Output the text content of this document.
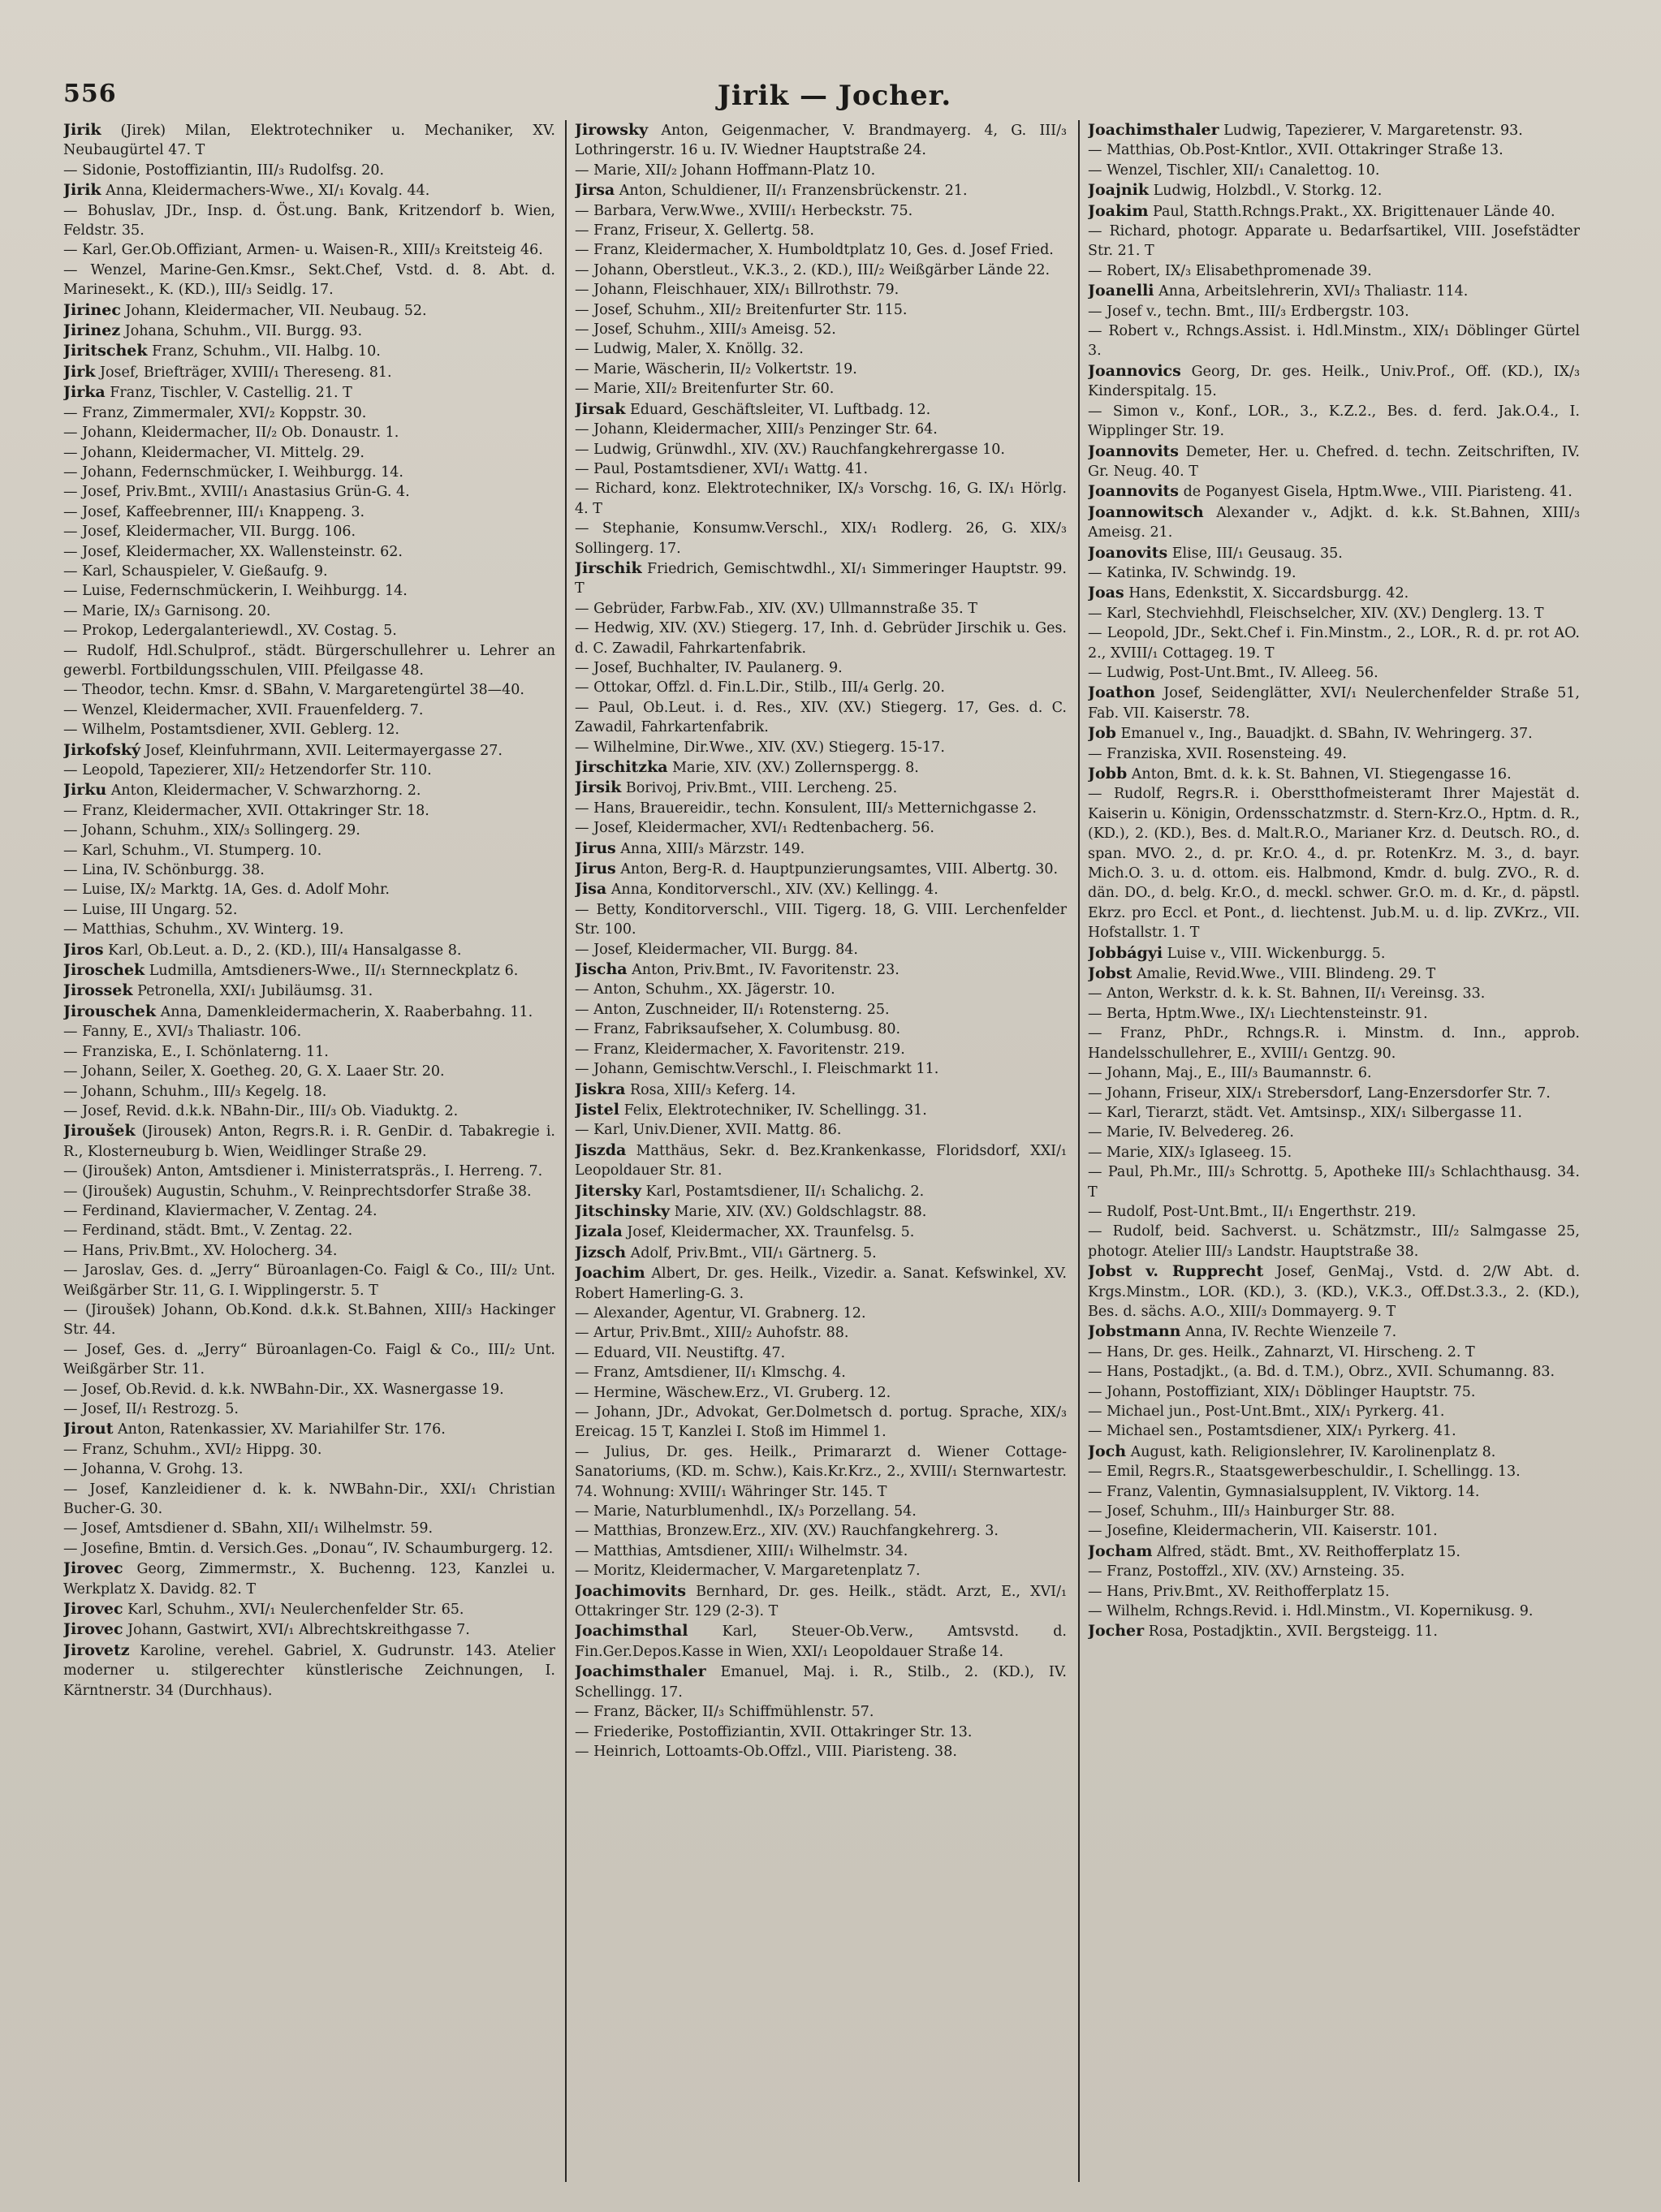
556	Jirik — Jocher.

Jirik (Jirek) Milan, Elektrotechniker u. Mechaniker, XV. Neubaugürtel 47. T

— Sidonie, Postoffiziantin, III/₃ Rudolfsg. 20.

Jirik Anna, Kleidermachers-Wwe., XI/₁ Kovalg. 44.

— Bohuslav, JDr., Insp. d. Öst.ung. Bank, Kritzendorf b. Wien, Feldstr. 35.

— Karl, Ger.Ob.Offiziant, Armen- u. Waisen-R., XIII/₃ Kreitsteig 46.

— Wenzel, Marine-Gen.Kmsr., Sekt.Chef, Vstd. d. 8. Abt. d. Marinesekt., K. (KD.), III/₃ Seidlg. 17.

Jirinec Johann, Kleidermacher, VII. Neubaug. 52.

Jirinez Johana, Schuhm., VII. Burgg. 93.

Jiritschek Franz, Schuhm., VII. Halbg. 10.

Jirk Josef, Briefträger, XVIII/₁ Thereseng. 81.

Jirka Franz, Tischler, V. Castellig. 21. T

— Franz, Zimmermaler, XVI/₂ Koppstr. 30.

— Johann, Kleidermacher, II/₂ Ob. Donaustr. 1.

— Johann, Kleidermacher, VI. Mittelg. 29.

— Johann, Federnschmücker, I. Weihburgg. 14.

— Josef, Priv.Bmt., XVIII/₁ Anastasius Grün-G. 4.

— Josef, Kaffeebrenner, III/₁ Knappeng. 3.

— Josef, Kleidermacher, VII. Burgg. 106.

— Josef, Kleidermacher, XX. Wallensteinstr. 62.

— Karl, Schauspieler, V. Gießaufg. 9.

— Luise, Federnschmückerin, I. Weihburgg. 14.

— Marie, IX/₃ Garnisong. 20.

— Prokop, Ledergalanteriewdl., XV. Costag. 5.

— Rudolf, Hdl.Schulprof., städt. Bürgerschullehrer u. Lehrer an gewerbl. Fortbildungsschulen, VIII. Pfeilgasse 48.

— Theodor, techn. Kmsr. d. SBahn, V. Margaretengürtel 38—40.

— Wenzel, Kleidermacher, XVII. Frauenfelderg. 7.

— Wilhelm, Postamtsdiener, XVII. Geblerg. 12.

Jirkofský Josef, Kleinfuhrmann, XVII. Leitermayergasse 27.

— Leopold, Tapezierer, XII/₂ Hetzendorfer Str. 110.

Jirku Anton, Kleidermacher, V. Schwarzhorng. 2.

— Franz, Kleidermacher, XVII. Ottakringer Str. 18.

— Johann, Schuhm., XIX/₃ Sollingerg. 29.

— Karl, Schuhm., VI. Stumperg. 10.

— Lina, IV. Schönburgg. 38.

— Luise, IX/₂ Marktg. 1A, Ges. d. Adolf Mohr.

— Luise, III Ungarg. 52.

— Matthias, Schuhm., XV. Winterg. 19.

Jiros Karl, Ob.Leut. a. D., 2. (KD.), III/₄ Hansalgasse 8.

Jiroschek Ludmilla, Amtsdieners-Wwe., II/₁ Sternneckplatz 6.

Jirossek Petronella, XXI/₁ Jubiläumsg. 31.

Jirouschek Anna, Damenkleidermacherin, X. Raaberbahng. 11.

— Fanny, E., XVI/₃ Thaliastr. 106.

— Franziska, E., I. Schönlaterng. 11.

— Johann, Seiler, X. Goetheg. 20, G. X. Laaer Str. 20.

— Johann, Schuhm., III/₃ Kegelg. 18.

— Josef, Revid. d.k.k. NBahn-Dir., III/₃ Ob. Viaduktg. 2.

Jiroušek (Jirousek) Anton, Regrs.R. i. R. GenDir. d. Tabakregie i. R., Klosterneuburg b. Wien, Weidlinger Straße 29.

— (Jiroušek) Anton, Amtsdiener i. Ministerratspräs., I. Herreng. 7.

— (Jiroušek) Augustin, Schuhm., V. Reinprechtsdorfer Straße 38.

— Ferdinand, Klaviermacher, V. Zentag. 24.

— Ferdinand, städt. Bmt., V. Zentag. 22.

— Hans, Priv.Bmt., XV. Holocherg. 34.

— Jaroslav, Ges. d. „Jerry“ Büroanlagen-Co. Faigl & Co., III/₂ Unt. Weißgärber Str. 11, G. I. Wipplingerstr. 5. T

— (Jiroušek) Johann, Ob.Kond. d.k.k. St.Bahnen, XIII/₃ Hackinger Str. 44.

— Josef, Ges. d. „Jerry“ Büroanlagen-Co. Faigl & Co., III/₂ Unt. Weißgärber Str. 11.

— Josef, Ob.Revid. d. k.k. NWBahn-Dir., XX. Wasnergasse 19.

— Josef, II/₁ Restrozg. 5.

Jirout Anton, Ratenkassier, XV. Mariahilfer Str. 176.

— Franz, Schuhm., XVI/₂ Hippg. 30.

— Johanna, V. Grohg. 13.

— Josef, Kanzleidiener d. k. k. NWBahn-Dir., XXI/₁ Christian Bucher-G. 30.

— Josef, Amtsdiener d. SBahn, XII/₁ Wilhelmstr. 59.

— Josefine, Bmtin. d. Versich.Ges. „Donau“, IV. Schaumburgerg. 12.

Jirovec Georg, Zimmermstr., X. Buchenng. 123, Kanzlei u. Werkplatz X. Davidg. 82. T

Jirovec Karl, Schuhm., XVI/₁ Neulerchenfelder Str. 65.

Jirovec Johann, Gastwirt, XVI/₁ Albrechtskreithgasse 7.

Jirovetz Karoline, verehel. Gabriel, X. Gudrunstr. 143. Atelier moderner u. stilgerechter künstlerische Zeichnungen, I. Kärntnerstr. 34 (Durchhaus).

Jirowsky Anton, Geigenmacher, V. Brandmayerg. 4, G. III/₃ Lothringerstr. 16 u. IV. Wiedner Hauptstraße 24.

— Marie, XII/₂ Johann Hoffmann-Platz 10.

Jirsa Anton, Schuldiener, II/₁ Franzensbrückenstr. 21.

— Barbara, Verw.Wwe., XVIII/₁ Herbeckstr. 75.

— Franz, Friseur, X. Gellertg. 58.

— Franz, Kleidermacher, X. Humboldtplatz 10, Ges. d. Josef Fried.

— Johann, Oberstleut., V.K.3., 2. (KD.), III/₂ Weißgärber Lände 22.

— Johann, Fleischhauer, XIX/₁ Billrothstr. 79.

— Josef, Schuhm., XII/₂ Breitenfurter Str. 115.

— Josef, Schuhm., XIII/₃ Ameisg. 52.

— Ludwig, Maler, X. Knöllg. 32.

— Marie, Wäscherin, II/₂ Volkertstr. 19.

— Marie, XII/₂ Breitenfurter Str. 60.

Jirsak Eduard, Geschäftsleiter, VI. Luftbadg. 12.

— Johann, Kleidermacher, XIII/₃ Penzinger Str. 64.

— Ludwig, Grünwdhl., XIV. (XV.) Rauchfangkehrergasse 10.

— Paul, Postamtsdiener, XVI/₁ Wattg. 41.

— Richard, konz. Elektrotechniker, IX/₃ Vorschg. 16, G. IX/₁ Hörlg. 4. T

— Stephanie, Konsumw.Verschl., XIX/₁ Rodlerg. 26, G. XIX/₃ Sollingerg. 17.

Jirschik Friedrich, Gemischtwdhl., XI/₁ Simmeringer Hauptstr. 99. T

— Gebrüder, Farbw.Fab., XIV. (XV.) Ullmannstraße 35. T

— Hedwig, XIV. (XV.) Stiegerg. 17, Inh. d. Gebrüder Jirschik u. Ges. d. C. Zawadil, Fahrkartenfabrik.

— Josef, Buchhalter, IV. Paulanerg. 9.

— Ottokar, Offzl. d. Fin.L.Dir., Stilb., III/₄ Gerlg. 20.

— Paul, Ob.Leut. i. d. Res., XIV. (XV.) Stiegerg. 17, Ges. d. C. Zawadil, Fahrkartenfabrik.

— Wilhelmine, Dir.Wwe., XIV. (XV.) Stiegerg. 15-17.

Jirschitzka Marie, XIV. (XV.) Zollernspergg. 8.

Jirsik Borivoj, Priv.Bmt., VIII. Lercheng. 25.

— Hans, Brauereidir., techn. Konsulent, III/₃ Metternichgasse 2.

— Josef, Kleidermacher, XVI/₁ Redtenbacherg. 56.

Jirus Anna, XIII/₃ Märzstr. 149.

Jirus Anton, Berg-R. d. Hauptpunzierungsamtes, VIII. Albertg. 30.

Jisa Anna, Konditorverschl., XIV. (XV.) Kellingg. 4.

— Betty, Konditorverschl., VIII. Tigerg. 18, G. VIII. Lerchenfelder Str. 100.

— Josef, Kleidermacher, VII. Burgg. 84.

Jischa Anton, Priv.Bmt., IV. Favoritenstr. 23.

— Anton, Schuhm., XX. Jägerstr. 10.

— Anton, Zuschneider, II/₁ Rotensterng. 25.

— Franz, Fabriksaufseher, X. Columbusg. 80.

— Franz, Kleidermacher, X. Favoritenstr. 219.

— Johann, Gemischtw.Verschl., I. Fleischmarkt 11.

Jiskra Rosa, XIII/₃ Keferg. 14.

Jistel Felix, Elektrotechniker, IV. Schellingg. 31.

— Karl, Univ.Diener, XVII. Mattg. 86.

Jiszda Matthäus, Sekr. d. Bez.Krankenkasse, Floridsdorf, XXI/₁ Leopoldauer Str. 81.

Jitersky Karl, Postamtsdiener, II/₁ Schalichg. 2.

Jitschinsky Marie, XIV. (XV.) Goldschlagstr. 88.

Jizala Josef, Kleidermacher, XX. Traunfelsg. 5.

Jizsch Adolf, Priv.Bmt., VII/₁ Gärtnerg. 5.

Joachim Albert, Dr. ges. Heilk., Vizedir. a. Sanat. Kefswinkel, XV. Robert Hamerling-G. 3.

— Alexander, Agentur, VI. Grabnerg. 12.

— Artur, Priv.Bmt., XIII/₂ Auhofstr. 88.

— Eduard, VII. Neustiftg. 47.

— Franz, Amtsdiener, II/₁ Klmschg. 4.

— Hermine, Wäschew.Erz., VI. Gruberg. 12.

— Johann, JDr., Advokat, Ger.Dolmetsch d. portug. Sprache, XIX/₃ Ereicag. 15 T, Kanzlei I. Stoß im Himmel 1.

— Julius, Dr. ges. Heilk., Primararzt d. Wiener Cottage-Sanatoriums, (KD. m. Schw.), Kais.Kr.Krz., 2., XVIII/₁ Sternwartestr. 74. Wohnung: XVIII/₁ Währinger Str. 145. T

— Marie, Naturblumenhdl., IX/₃ Porzellang. 54.

— Matthias, Bronzew.Erz., XIV. (XV.) Rauchfangkehrerg. 3.

— Matthias, Amtsdiener, XIII/₁ Wilhelmstr. 34.

— Moritz, Kleidermacher, V. Margaretenplatz 7.

Joachimovits Bernhard, Dr. ges. Heilk., städt. Arzt, E., XVI/₁ Ottakringer Str. 129 (2-3). T

Joachimsthal Karl, Steuer-Ob.Verw., Amtsvstd. d. Fin.Ger.Depos.Kasse in Wien, XXI/₁ Leopoldauer Straße 14.

Joachimsthaler Emanuel, Maj. i. R., Stilb., 2. (KD.), IV. Schellingg. 17.

— Franz, Bäcker, II/₃ Schiffmühlenstr. 57.

— Friederike, Postoffiziantin, XVII. Ottakringer Str. 13.

— Heinrich, Lottoamts-Ob.Offzl., VIII. Piaristeng. 38.

Joachimsthaler Ludwig, Tapezierer, V. Margaretenstr. 93.

— Matthias, Ob.Post-Kntlor., XVII. Ottakringer Straße 13.

— Wenzel, Tischler, XII/₁ Canalettog. 10.

Joajnik Ludwig, Holzbdl., V. Storkg. 12.

Joakim Paul, Statth.Rchngs.Prakt., XX. Brigittenauer Lände 40.

— Richard, photogr. Apparate u. Bedarfsartikel, VIII. Josefstädter Str. 21. T

— Robert, IX/₃ Elisabethpromenade 39.

Joanelli Anna, Arbeitslehrerin, XVI/₃ Thaliastr. 114.

— Josef v., techn. Bmt., III/₃ Erdbergstr. 103.

— Robert v., Rchngs.Assist. i. Hdl.Minstm., XIX/₁ Döblinger Gürtel 3.

Joannovics Georg, Dr. ges. Heilk., Univ.Prof., Off. (KD.), IX/₃ Kinderspitalg. 15.

— Simon v., Konf., LOR., 3., K.Z.2., Bes. d. ferd. Jak.O.4., I. Wipplinger Str. 19.

Joannovits Demeter, Her. u. Chefred. d. techn. Zeitschriften, IV. Gr. Neug. 40. T

Joannovits de Poganyest Gisela, Hptm.Wwe., VIII. Piaristeng. 41.

Joannowitsch Alexander v., Adjkt. d. k.k. St.Bahnen, XIII/₃ Ameisg. 21.

Joanovits Elise, III/₁ Geusaug. 35.

— Katinka, IV. Schwindg. 19.

Joas Hans, Edenkstit, X. Siccardsburgg. 42.

— Karl, Stechviehhdl, Fleischselcher, XIV. (XV.) Denglerg. 13. T

— Leopold, JDr., Sekt.Chef i. Fin.Minstm., 2., LOR., R. d. pr. rot AO. 2., XVIII/₁ Cottageg. 19. T

— Ludwig, Post-Unt.Bmt., IV. Alleeg. 56.

Joathon Josef, Seidenglätter, XVI/₁ Neulerchenfelder Straße 51, Fab. VII. Kaiserstr. 78.

Job Emanuel v., Ing., Bauadjkt. d. SBahn, IV. Wehringerg. 37.

— Franziska, XVII. Rosensteing. 49.

Jobb Anton, Bmt. d. k. k. St. Bahnen, VI. Stiegengasse 16.

— Rudolf, Regrs.R. i. Oberstthofmeisteramt Ihrer Majestät d. Kaiserin u. Königin, Ordensschatzmstr. d. Stern-Krz.O., Hptm. d. R., (KD.), 2. (KD.), Bes. d. Malt.R.O., Marianer Krz. d. Deutsch. RO., d. span. MVO. 2., d. pr. Kr.O. 4., d. pr. RotenKrz. M. 3., d. bayr. Mich.O. 3. u. d. ottom. eis. Halbmond, Kmdr. d. bulg. ZVO., R. d. dän. DO., d. belg. Kr.O., d. meckl. schwer. Gr.O. m. d. Kr., d. päpstl. Ekrz. pro Eccl. et Pont., d. liechtenst. Jub.M. u. d. lip. ZVKrz., VII. Hofstallstr. 1. T

Jobbágyi Luise v., VIII. Wickenburgg. 5.

Jobst Amalie, Revid.Wwe., VIII. Blindeng. 29. T

— Anton, Werkstr. d. k. k. St. Bahnen, II/₁ Vereinsg. 33.

— Berta, Hptm.Wwe., IX/₁ Liechtensteinstr. 91.

— Franz, PhDr., Rchngs.R. i. Minstm. d. Inn., approb. Handelsschullehrer, E., XVIII/₁ Gentzg. 90.

— Johann, Maj., E., III/₃ Baumannstr. 6.

— Johann, Friseur, XIX/₁ Strebersdorf, Lang-Enzersdorfer Str. 7.

— Karl, Tierarzt, städt. Vet. Amtsinsp., XIX/₁ Silbergasse 11.

— Marie, IV. Belvedereg. 26.

— Marie, XIX/₃ Iglaseeg. 15.

— Paul, Ph.Mr., III/₃ Schrottg. 5, Apotheke III/₃ Schlachthausg. 34. T

— Rudolf, Post-Unt.Bmt., II/₁ Engerthstr. 219.

— Rudolf, beid. Sachverst. u. Schätzmstr., III/₂ Salmgasse 25, photogr. Atelier III/₃ Landstr. Hauptstraße 38.

Jobst v. Rupprecht Josef, GenMaj., Vstd. d. 2/W Abt. d. Krgs.Minstm., LOR. (KD.), 3. (KD.), V.K.3., Off.Dst.3.3., 2. (KD.), Bes. d. sächs. A.O., XIII/₃ Dommayerg. 9. T

Jobstmann Anna, IV. Rechte Wienzeile 7.

— Hans, Dr. ges. Heilk., Zahnarzt, VI. Hirscheng. 2. T

— Hans, Postadjkt., (a. Bd. d. T.M.), Obrz., XVII. Schumanng. 83.

— Johann, Postoffiziant, XIX/₁ Döblinger Hauptstr. 75.

— Michael jun., Post-Unt.Bmt., XIX/₁ Pyrkerg. 41.

— Michael sen., Postamtsdiener, XIX/₁ Pyrkerg. 41.

Joch August, kath. Religionslehrer, IV. Karolinenplatz 8.

— Emil, Regrs.R., Staatsgewerbeschuldir., I. Schellingg. 13.

— Franz, Valentin, Gymnasialsupplent, IV. Viktorg. 14.

— Josef, Schuhm., III/₃ Hainburger Str. 88.

— Josefine, Kleidermacherin, VII. Kaiserstr. 101.

Jocham Alfred, städt. Bmt., XV. Reithofferplatz 15.

— Franz, Postoffzl., XIV. (XV.) Arnsteing. 35.

— Hans, Priv.Bmt., XV. Reithofferplatz 15.

— Wilhelm, Rchngs.Revid. i. Hdl.Minstm., VI. Kopernikusg. 9.

Jocher Rosa, Postadjktin., XVII. Bergsteigg. 11.
